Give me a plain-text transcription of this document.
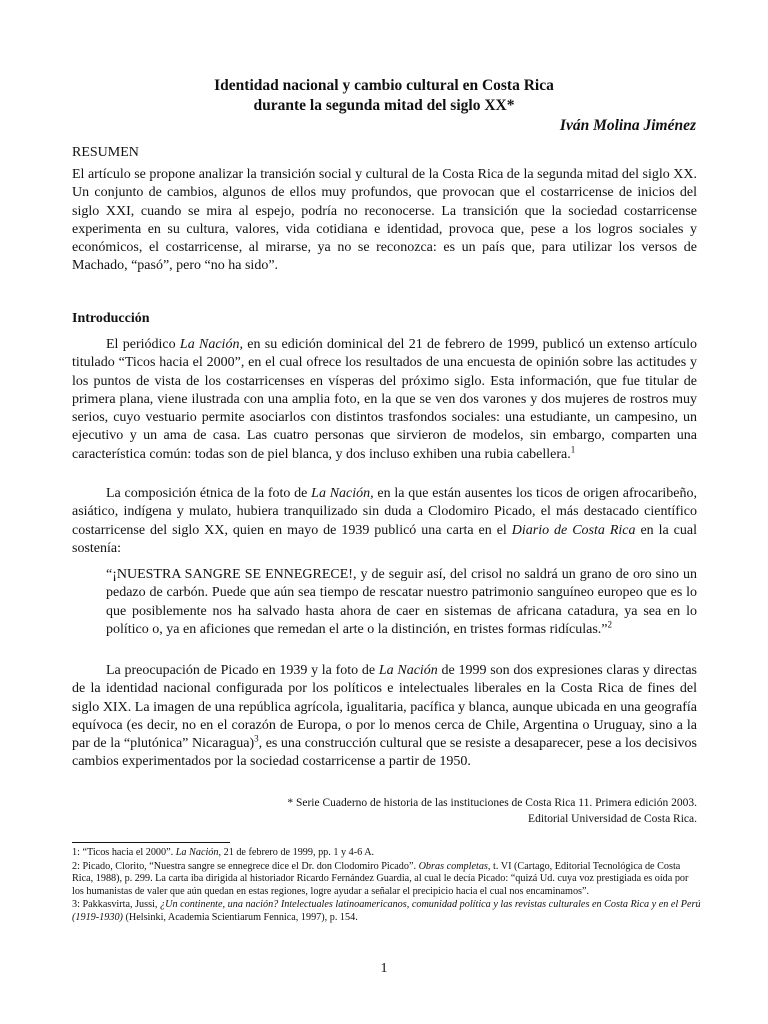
Identidad nacional y cambio cultural en Costa Rica
durante la segunda mitad del siglo XX*
Iván Molina Jiménez
RESUMEN

El artículo se propone analizar la transición social y cultural de la Costa Rica de la segunda mitad del siglo XX. Un conjunto de cambios, algunos de ellos muy profundos, que provocan que el costarricense de inicios del siglo XXI, cuando se mira al espejo, podría no reconocerse. La transición que la sociedad costarricense experimenta en su cultura, valores, vida cotidiana e identidad, provoca que, pese a los logros sociales y económicos, el costarricense, al mirarse, ya no se reconozca: es un país que, para utilizar los versos de Machado, “pasó”, pero “no ha sido”.

Introducción

El periódico La Nación, en su edición dominical del 21 de febrero de 1999, publicó un extenso artículo titulado “Ticos hacia el 2000”, en el cual ofrece los resultados de una encuesta de opinión sobre las actitudes y los puntos de vista de los costarricenses en vísperas del próximo siglo. Esta información, que fue titular de primera plana, viene ilustrada con una amplia foto, en la que se ven dos varones y dos mujeres de rostros muy serios, cuyo vestuario permite asociarlos con distintos trasfondos sociales: una estudiante, un campesino, un ejecutivo y un ama de casa. Las cuatro personas que sirvieron de modelos, sin embargo, comparten una característica común: todas son de piel blanca, y dos incluso exhiben una rubia cabellera.$^1$

La composición étnica de la foto de La Nación, en la que están ausentes los ticos de origen afrocaribeño, asiático, indígena y mulato, hubiera tranquilizado sin duda a Clodomiro Picado, el más destacado científico costarricense del siglo XX, quien en mayo de 1939 publicó una carta en el Diario de Costa Rica en la cual sostenía:

“¡NUESTRA SANGRE SE ENNEGRECE!, y de seguir así, del crisol no saldrá un grano de oro sino un pedazo de carbón. Puede que aún sea tiempo de rescatar nuestro patrimonio sanguíneo europeo que es lo que posiblemente nos ha salvado hasta ahora de caer en sistemas de africana catadura, ya sea en lo político o, ya en aficiones que remedan el arte o la distinción, en tristes formas ridículas.”$^2$

La preocupación de Picado en 1939 y la foto de La Nación de 1999 son dos expresiones claras y directas de la identidad nacional configurada por los políticos e intelectuales liberales en la Costa Rica de fines del siglo XIX. La imagen de una república agrícola, igualitaria, pacífica y blanca, aunque ubicada en una geografía equívoca (es decir, no en el corazón de Europa, o por lo menos cerca de Chile, Argentina o Uruguay, sino a la par de la “plutónica” Nicaragua)$^3$, es una construcción cultural que se resiste a desaparecer, pese a los decisivos cambios experimentados por la sociedad costarricense a partir de 1950.

* Serie Cuaderno de historia de las instituciones de Costa Rica 11. Primera edición 2003.
Editorial Universidad de Costa Rica.

1: “Ticos hacia el 2000”. La Nación, 21 de febrero de 1999, pp. 1 y 4-6 A.

2: Picado, Clorito, “Nuestra sangre se ennegrece dice el Dr. don Clodomiro Picado”. Obras completas, t. VI (Cartago, Editorial Tecnológica de Costa Rica, 1988), p. 299. La carta iba dirigida al historiador Ricardo Fernández Guardia, al cual le decía Picado: “quizá Ud. cuya voz prestigiada es oída por los humanistas de valer que aún quedan en estas regiones, logre ayudar a señalar el precipicio hacia el cual nos encaminamos”.

3: Pakkasvirta, Jussi, ¿Un continente, una nación? Intelectuales latinoamericanos, comunidad política y las revistas culturales en Costa Rica y en el Perú (1919-1930) (Helsinki, Academia Scientiarum Fennica, 1997), p. 154.

1
